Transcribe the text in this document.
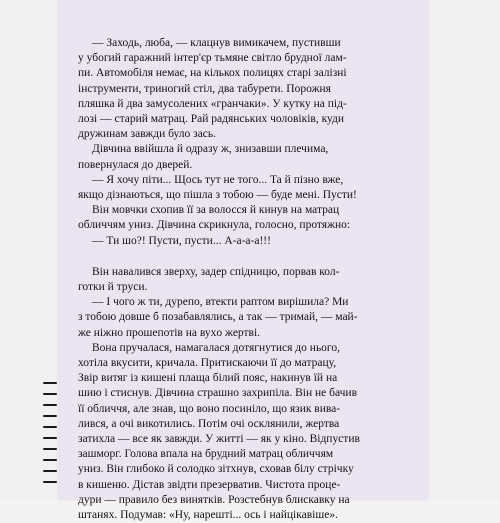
— Заходь, люба, — клацнув вимикачем, пустивши
у убогий гаражний інтер'єр тьмяне світло брудної лам-
пи. Автомобіля немає, на кількох полицях старі залізні
інструменти, триногий стіл, два табурети. Порожня
пляшка й два замусолених «гранчаки». У кутку на під-
лозі — старий матрац. Рай радянських чоловіків, куди
дружинам завжди було зась.
Дівчина ввійшла й одразу ж, знизавши плечима,
повернулася до дверей.
— Я хочу піти... Щось тут не того... Та й пізно вже,
якщо дізнаються, що пішла з тобою — буде мені. Пусти!
Він мовчки схопив її за волосся й кинув на матрац
обличчям униз. Дівчина скрикнула, голосно, протяжно:
— Ти шо?! Пусти, пусти... А-а-а-а!!!
Він навалився зверху, задер спідницю, порвав кол-
готки й труси.
— І чого ж ти, дурепо, втекти раптом вирішила? Ми
з тобою довше б позабавлялись, а так — тримай, — май-
же ніжно прошепотів на вуxo жертві.
Вона пручалася, намагалася дотягнутися до нього,
хотіла вкусити, кричала. Притискаючи її до матрацу,
Звір витяг із кишені плаща білий пояс, накинув їй на
шию і стиснув. Дівчина страшно захрипіла. Він не бачив
її обличчя, але знав, що воно посиніло, що язик вива-
лився, а очі викотились. Потім очі осклянили, жертва
затихла — все як завжди. У житті — як у кіно. Відпустив
зашморг. Голова впала на брудний матрац обличчям
униз. Він глибоко й солодко зітхнув, сховав білу стрічку
в кишеню. Дістав звідти презерватив. Чистота проце-
дури — правило без винятків. Розстебнув блискавку на
штанях. Подумав: «Ну, нарешті... ось і найцікавіше».
